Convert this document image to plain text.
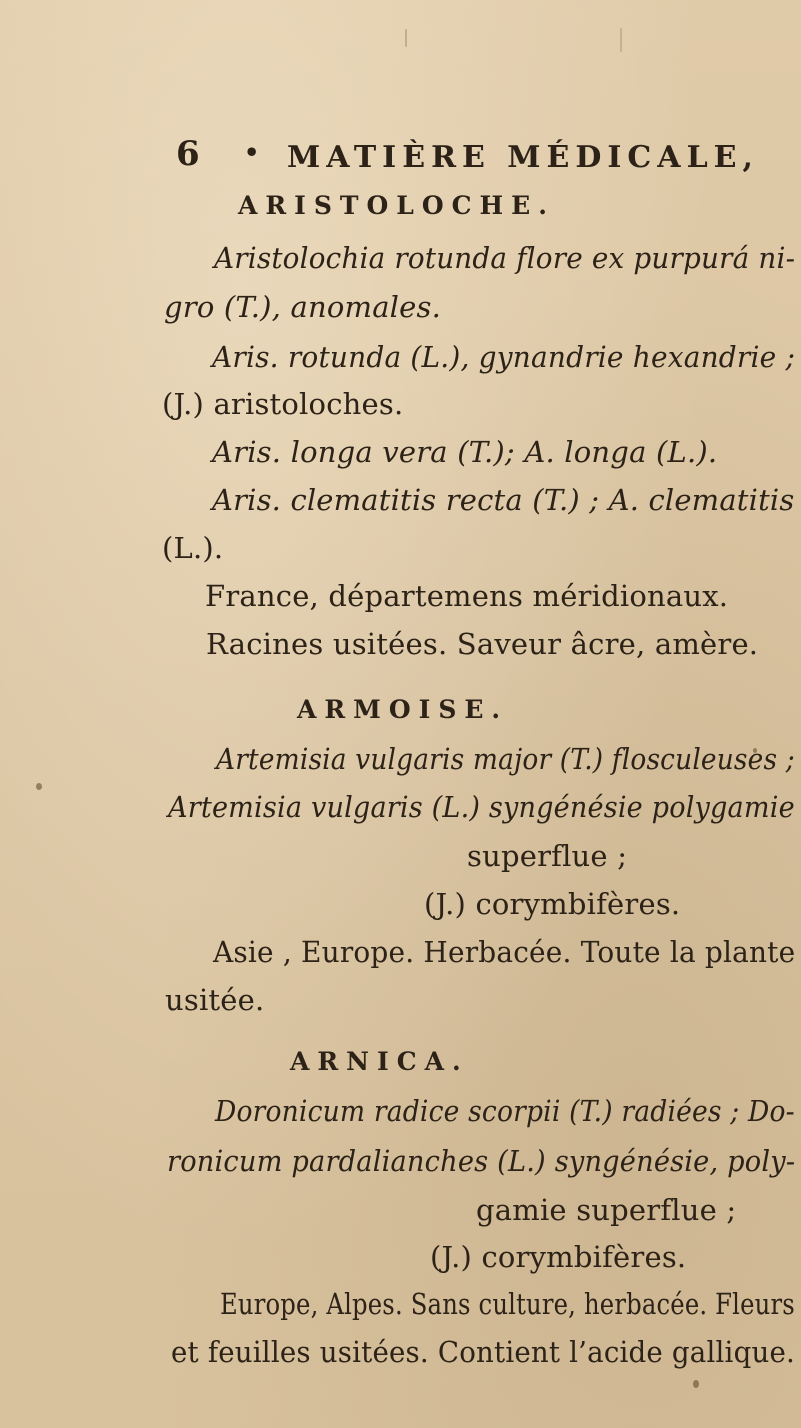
6 • MATIÈRE MÉDICALE,
ARISTOLOCHE.
Aristolochia rotunda flore ex purpurá ni-
gro (T.), anomales.
Aris. rotunda (L.), gynandrie hexandrie ;
(J.) aristoloches.
Aris. longa vera (T.); A. longa (L.).
Aris. clematitis recta (T.) ; A. clematitis
(L.).
France, départemens méridionaux.
Racines usitées. Saveur âcre, amère.
ARMOISE.
Artemisia vulgaris major (T.) flosculeuses ;
Artemisia vulgaris (L.) syngénésie polygamie
superflue ;
(J.) corymbifères.
Asie , Europe. Herbacée. Toute la plante
usitée.
ARNICA.
Doronicum radice scorpii (T.) radiées ; Do-
ronicum pardalianches (L.) syngénésie, poly-
gamie superflue ;
(J.) corymbifères.
Europe, Alpes. Sans culture, herbacée. Fleurs
et feuilles usitées. Contient l’acide gallique.
